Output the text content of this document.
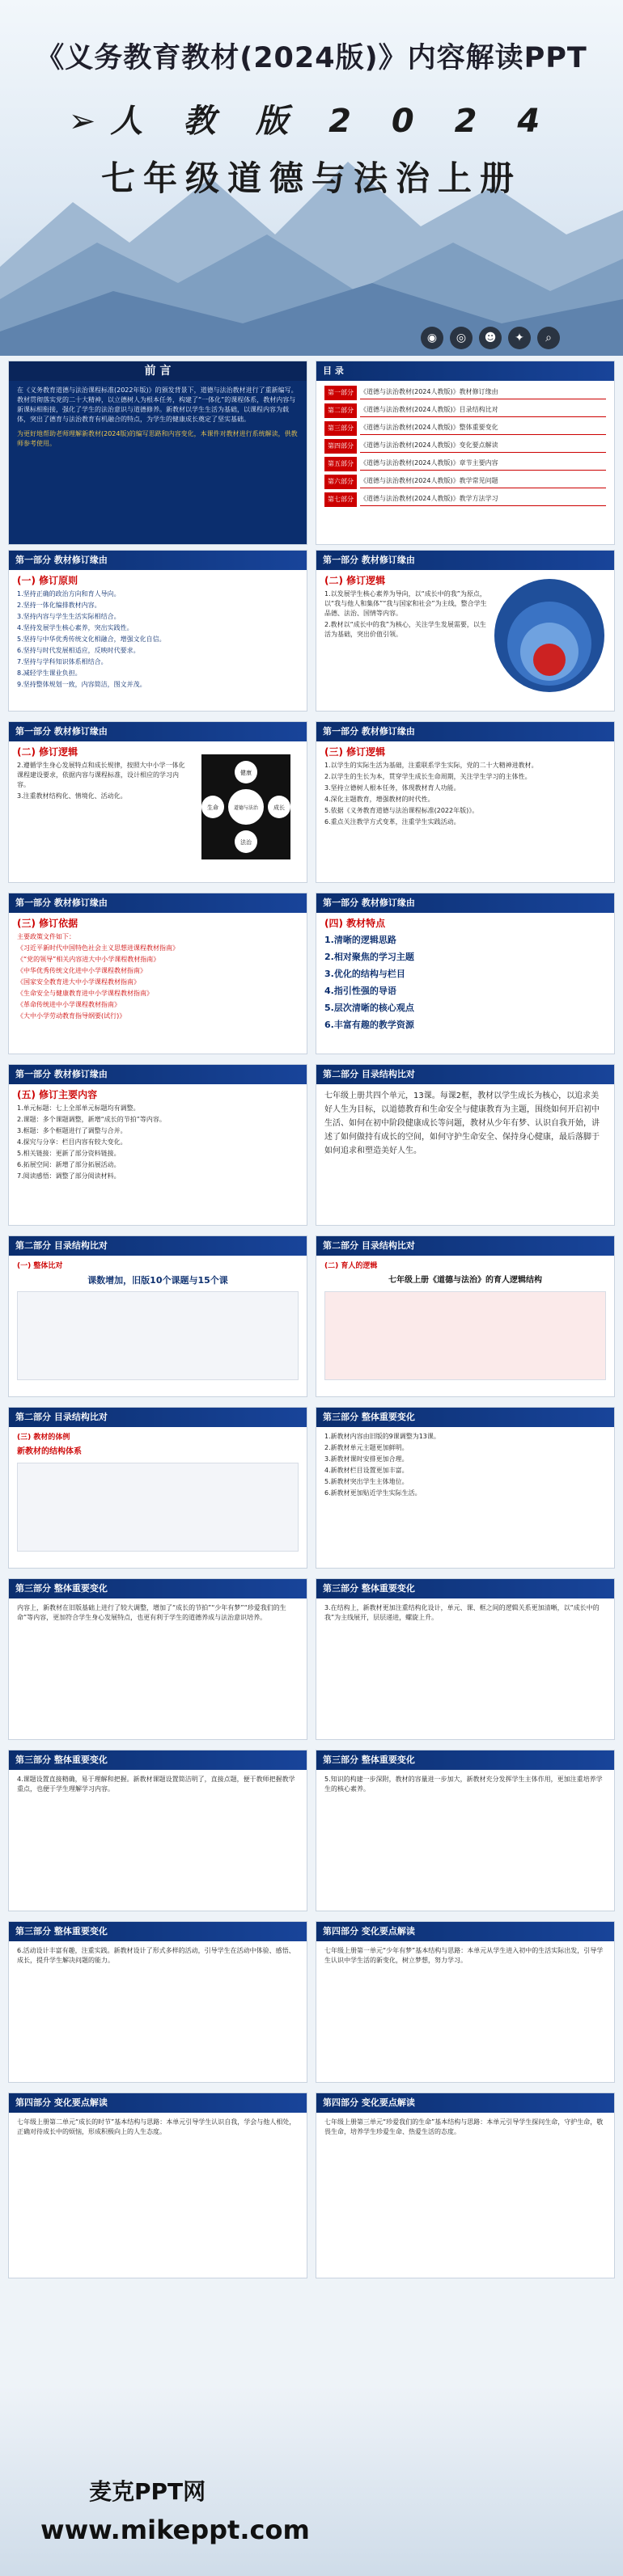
《义务教育教材(2024版)》内容解读PPT
➢人 教 版 2 0 2 4
七年级道德与法治上册
◉	◎	☻	✦	⌕
前 言

在《义务教育道德与法治课程标准(2022年版)》的颁发背景下，道德与法治教材进行了重新编写。教材贯彻落实党的二十大精神，以立德树人为根本任务，构建了“一体化”的课程体系，教材内容与新课标相衔接，强化了学生的法治意识与道德修养。新教材以学生生活为基础，以课程内容为载体，突出了德育与法治教育有机融合的特点，为学生的健康成长奠定了坚实基础。

为更好地帮助老师理解新教材(2024版)的编写思路和内容变化，本课件对教材进行系统解读，供教师参考使用。

目 录
第一部分	《道德与法治教材(2024人教版)》教材修订缘由
第二部分	《道德与法治教材(2024人教版)》目录结构比对
第三部分	《道德与法治教材(2024人教版)》整体重要变化
第四部分	《道德与法治教材(2024人教版)》变化要点解读
第五部分	《道德与法治教材(2024人教版)》章节主要内容
第六部分	《道德与法治教材(2024人教版)》教学常见问题
第七部分	《道德与法治教材(2024人教版)》教学方法学习
第一部分 教材修订缘由
(一) 修订原则
1.坚持正确的政治方向和育人导向。
2.坚持一体化编排教材内容。
3.坚持内容与学生生活实际相结合。
4.坚持发展学生核心素养，突出实践性。
5.坚持与中华优秀传统文化相融合，增强文化自信。
6.坚持与时代发展相适应，反映时代要求。
7.坚持与学科知识体系相结合。
8.减轻学生课业负担。
9.坚持整体规划一致，内容简洁，图文并茂。
第一部分 教材修订缘由
(二) 修订逻辑
1.以发展学生核心素养为导向，以“成长中的我”为原点，以“我与他人和集体”“我与国家和社会”为主线，整合学生品德、法治、国情等内容。
2.教材以“成长中的我”为核心，关注学生发展需要，以生活为基础，突出价值引领。
第一部分 教材修订缘由
(二) 修订逻辑
2.遵循学生身心发展特点和成长规律，按照大中小学一体化课程建设要求，依据内容与课程标准，设计相应的学习内容。
3.注重教材结构化、情境化、活动化。
道德与法治
健康
法治
生命	成长
第一部分 教材修订缘由
(三) 修订逻辑
1.以学生的实际生活为基础，注重联系学生实际，党的二十大精神进教材。
2.以学生的生长为本，贯穿学生成长生命周期，关注学生学习的主体性。
3.坚持立德树人根本任务，体现教材育人功能。
4.深化主题教育，增强教材的时代性。
5.依据《义务教育道德与法治课程标准(2022年版)》。
6.重点关注教学方式变革，注重学生实践活动。
第一部分 教材修订缘由
(三) 修订依据
主要政策文件如下：
《习近平新时代中国特色社会主义思想进课程教材指南》
《“党的领导”相关内容进大中小学课程教材指南》
《中华优秀传统文化进中小学课程教材指南》
《国家安全教育进大中小学课程教材指南》
《生命安全与健康教育进中小学课程教材指南》
《革命传统进中小学课程教材指南》
《大中小学劳动教育指导纲要(试行)》
第一部分 教材修订缘由
(四) 教材特点
1.清晰的逻辑思路
2.相对聚焦的学习主题
3.优化的结构与栏目
4.指引性强的导语
5.层次清晰的核心观点
6.丰富有趣的教学资源
第一部分 教材修订缘由
(五) 修订主要内容
1.单元标题：七上全部单元标题均有调整。
2.课题：多个课题调整，新增“成长的节拍”等内容。
3.框题：多个框题进行了调整与合并。
4.探究与分享：栏目内容有较大变化。
5.相关链接：更新了部分资料链接。
6.拓展空间：新增了部分拓展活动。
7.阅读感悟：调整了部分阅读材料。
第二部分 目录结构比对
七年级上册共四个单元，13课。每课2框，教材以学生成长为核心，以追求美好人生为目标，以道德教育和生命安全与健康教育为主题，围绕如何开启初中生活、如何在初中阶段健康成长等问题，教材从少年有梦、认识自我开始，讲述了如何做持有成长的空间，如何守护生命安全、保持身心健康，最后落脚于如何追求和塑造美好人生。
第二部分 目录结构比对
(一) 整体比对
课数增加，旧版10个课题与15个课
第二部分 目录结构比对
(二) 育人的逻辑
七年级上册《道德与法治》的育人逻辑结构
第二部分 目录结构比对
(三) 教材的体例
新教材的结构体系
第三部分 整体重要变化
1.新教材内容由旧版的9课调整为13课。
2.新教材单元主题更加鲜明。
3.新教材课时安排更加合理。
4.新教材栏目设置更加丰富。
5.新教材突出学生主体地位。
6.新教材更加贴近学生实际生活。
第三部分 整体重要变化
内容上，新教材在旧版基础上进行了较大调整，增加了“成长的节拍”“少年有梦”“珍爱我们的生命”等内容，更加符合学生身心发展特点，也更有利于学生的道德养成与法治意识培养。
第三部分 整体重要变化
3.在结构上，新教材更加注重结构化设计，单元、课、框之间的逻辑关系更加清晰，以“成长中的我”为主线展开，层层递进，螺旋上升。
第三部分 整体重要变化
4.课题设置直接精确，易于理解和把握。新教材课题设置简洁明了，直接点题，便于教师把握教学重点，也便于学生理解学习内容。
第三部分 整体重要变化
5.知识的构建一步深附，教材的容量进一步加大，新教材充分发挥学生主体作用，更加注重培养学生的核心素养。
第三部分 整体重要变化
6.活动设计丰富有趣，注重实践。新教材设计了形式多样的活动，引导学生在活动中体验、感悟、成长，提升学生解决问题的能力。
第四部分 变化要点解读
七年级上册第一单元“少年有梦”基本结构与思路：本单元从学生进入初中的生活实际出发，引导学生认识中学生活的新变化，树立梦想，努力学习。
第四部分 变化要点解读
七年级上册第二单元“成长的时节”基本结构与思路：本单元引导学生认识自我，学会与他人相处，正确对待成长中的烦恼，形成积极向上的人生态度。
第四部分 变化要点解读
七年级上册第三单元“珍爱我们的生命”基本结构与思路：本单元引导学生探问生命，守护生命，敬畏生命，培养学生珍爱生命、热爱生活的态度。
麦克PPT网
www.mikeppt.com
